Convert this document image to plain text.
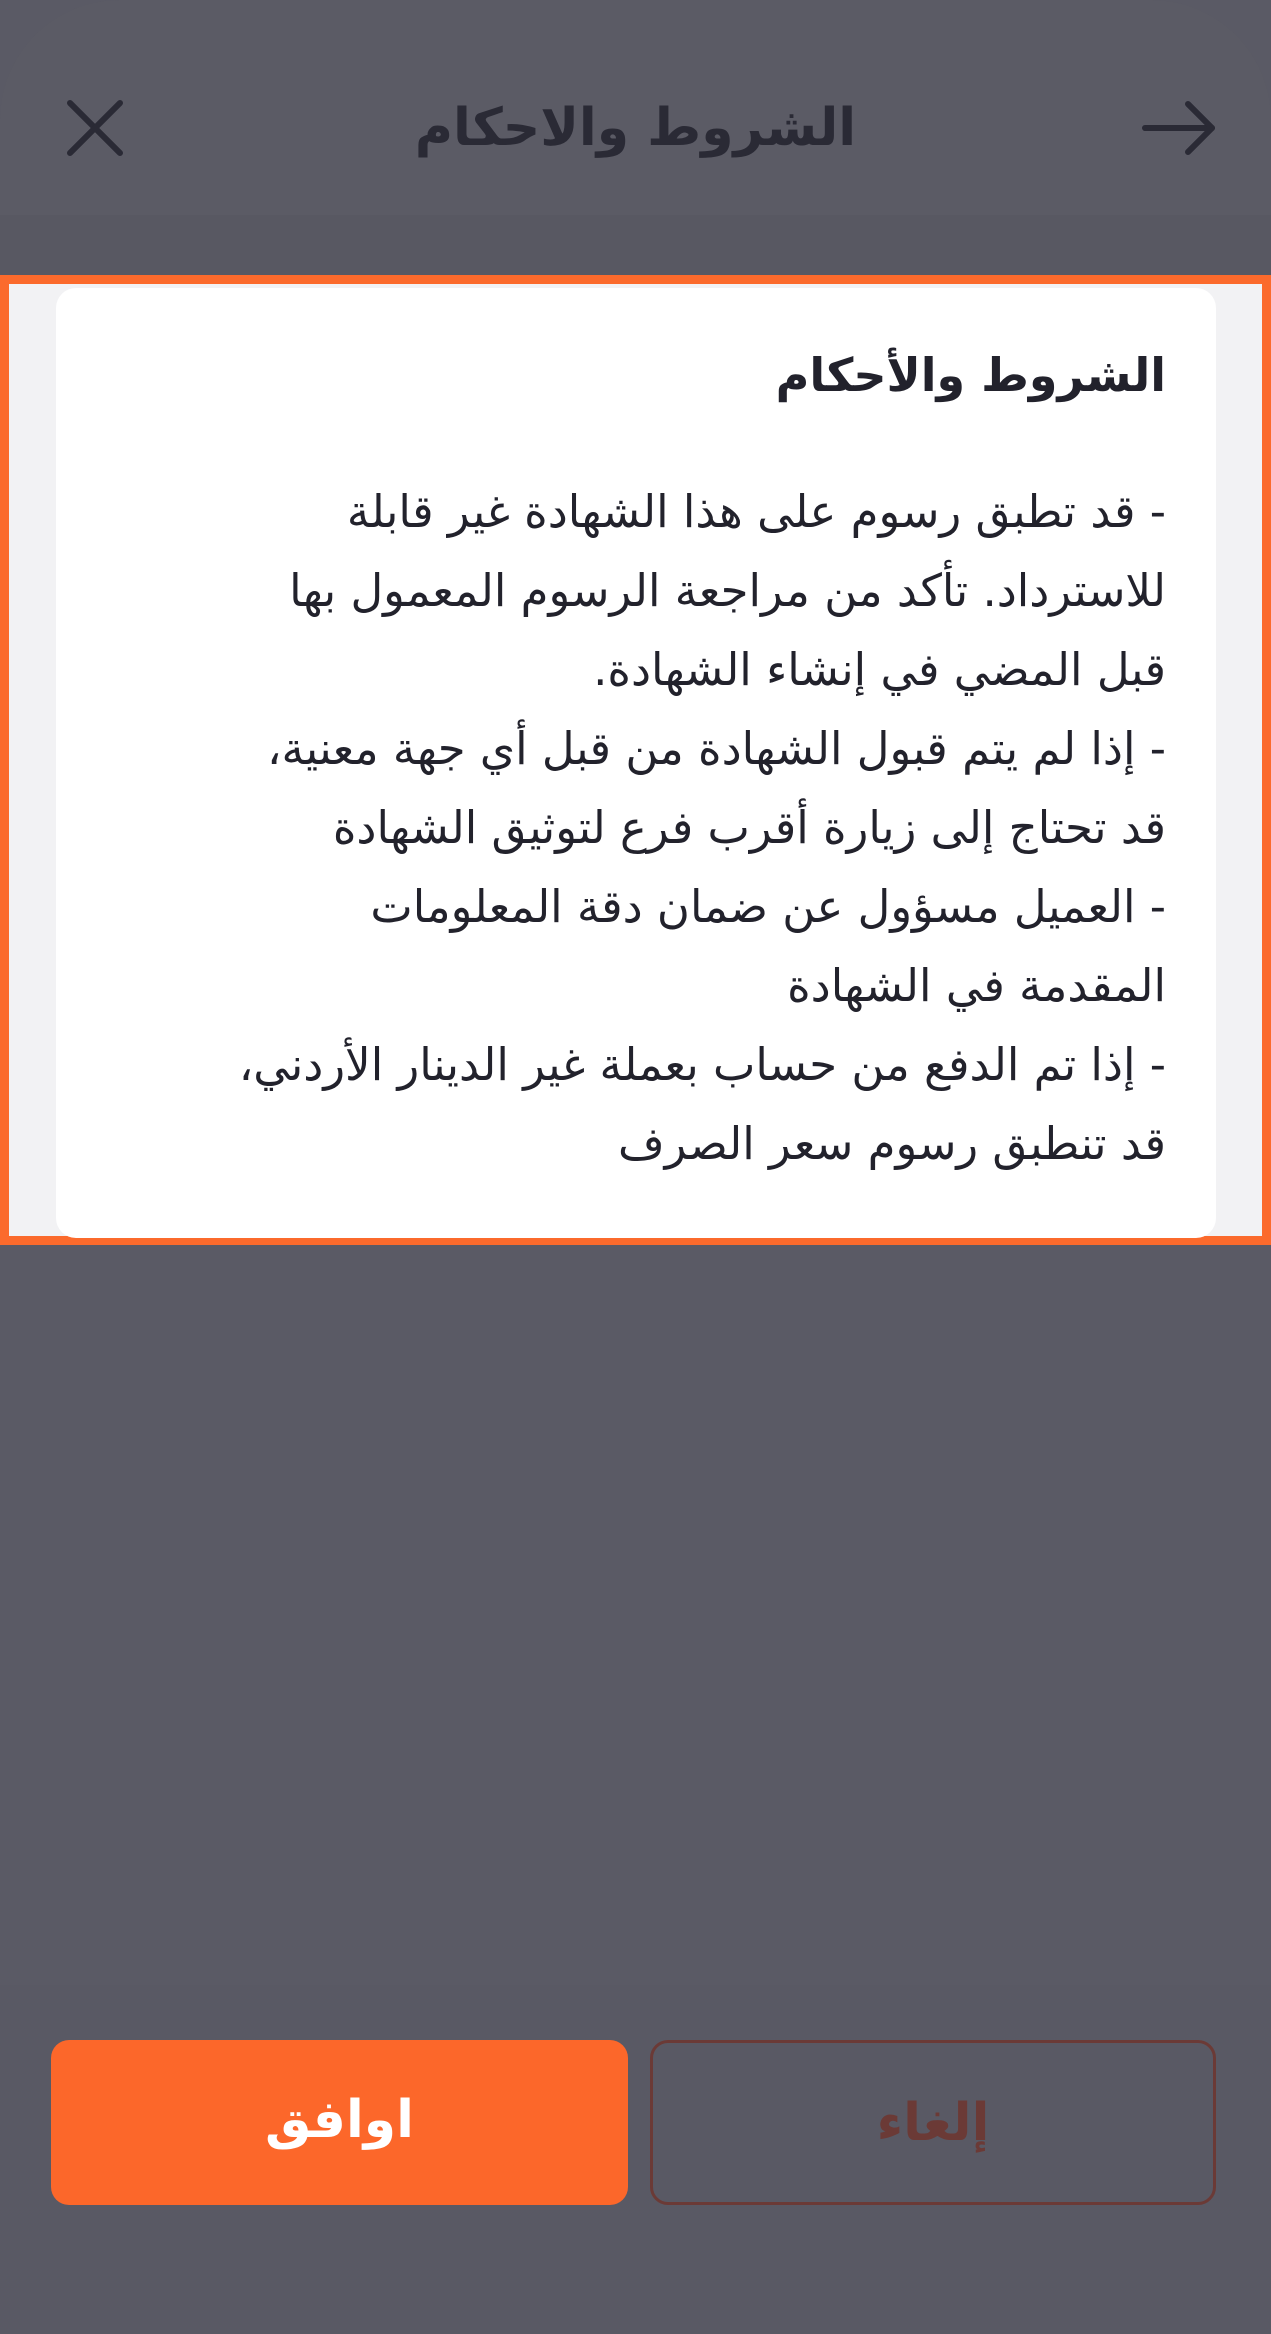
الشروط والاحكام
الشروط والأحكام
- قد تطبق رسوم على هذا الشهادة غير قابلة
للاسترداد. تأكد من مراجعة الرسوم المعمول بها
قبل المضي في إنشاء الشهادة.
- إذا لم يتم قبول الشهادة من قبل أي جهة معنية،
قد تحتاج إلى زيارة أقرب فرع لتوثيق الشهادة
- العميل مسؤول عن ضمان دقة المعلومات
المقدمة في الشهادة
- إذا تم الدفع من حساب بعملة غير الدينار الأردني،
قد تنطبق رسوم سعر الصرف
اوافق	إلغاء
